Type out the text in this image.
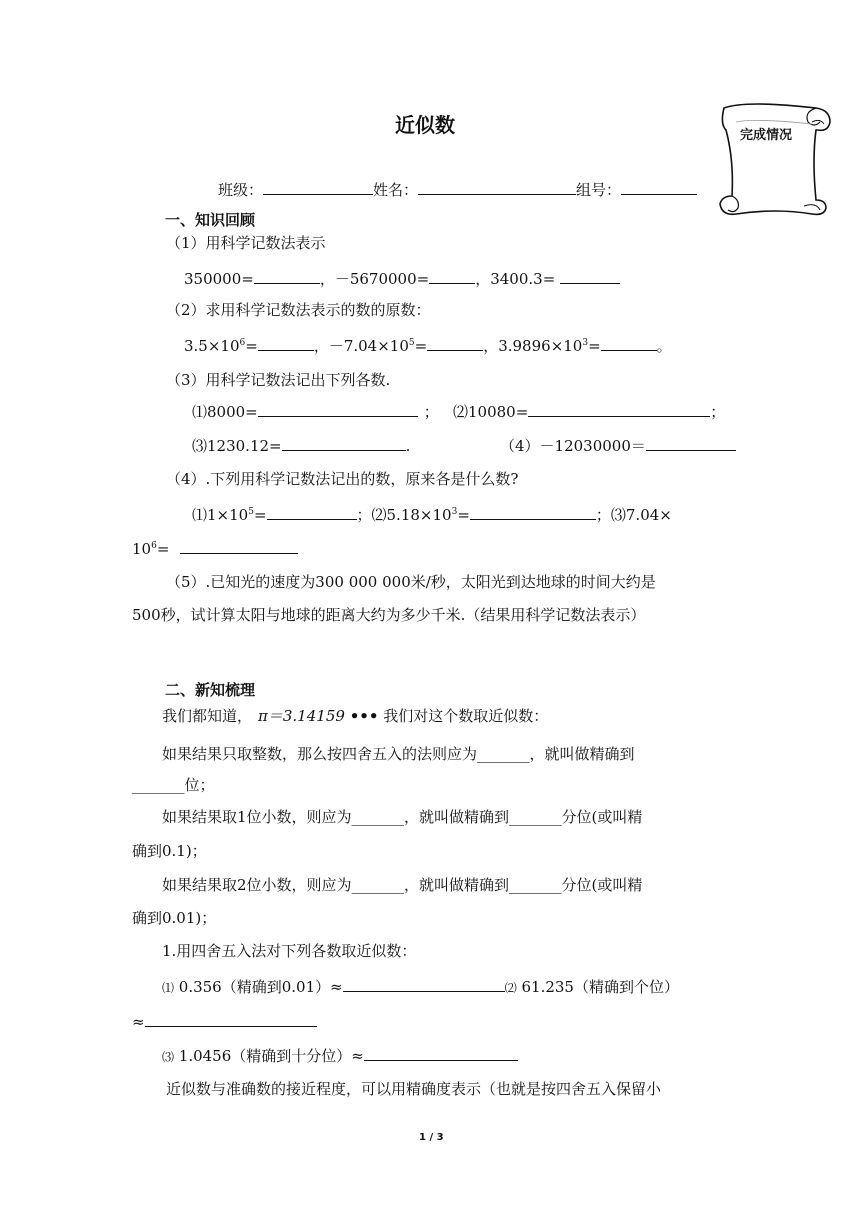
近似数	完成情况
班级：	姓名：	组号：
一、知识回顾
（1）用科学记数法表示
350000=	，－5670000=	，3400.3=
（2）求用科学记数法表示的数的原数：
$3.5\times 10^6=$	，$-7.04\times 10^5=$	，$3.9896\times 10^3=$	。
（3）用科学记数法记出下列各数.
⑴8000=	； ⑵10080=	；
⑶1230.12=	.	（4）－12030000＝
（4）.下列用科学记数法记出的数，原来各是什么数?
$⑴1\times 10^5=$	；$⑵5.18\times 10^3=$	；⑶7.04×
$10^6=$
（5）.已知光的速度为300 000 000米/秒，太阳光到达地球的时间大约是
500秒，试计算太阳与地球的距离大约为多少千米.（结果用科学记数法表示）
二、新知梳理
我们都知道， π＝3.14159 ••• 我们对这个数取近似数：
如果结果只取整数，那么按四舍五入的法则应为_______，就叫做精确到
_______位；
如果结果取1位小数，则应为_______，就叫做精确到_______分位(或叫精
确到0.1)；
如果结果取2位小数，则应为_______，就叫做精确到_______分位(或叫精
确到0.01)；
1.用四舍五入法对下列各数取近似数：
⑴ 0.356（精确到0.01）≈	⑵ 61.235（精确到个位）
≈
⑶ 1.0456（精确到十分位）≈
近似数与准确数的接近程度，可以用精确度表示（也就是按四舍五入保留小
1 / 3
